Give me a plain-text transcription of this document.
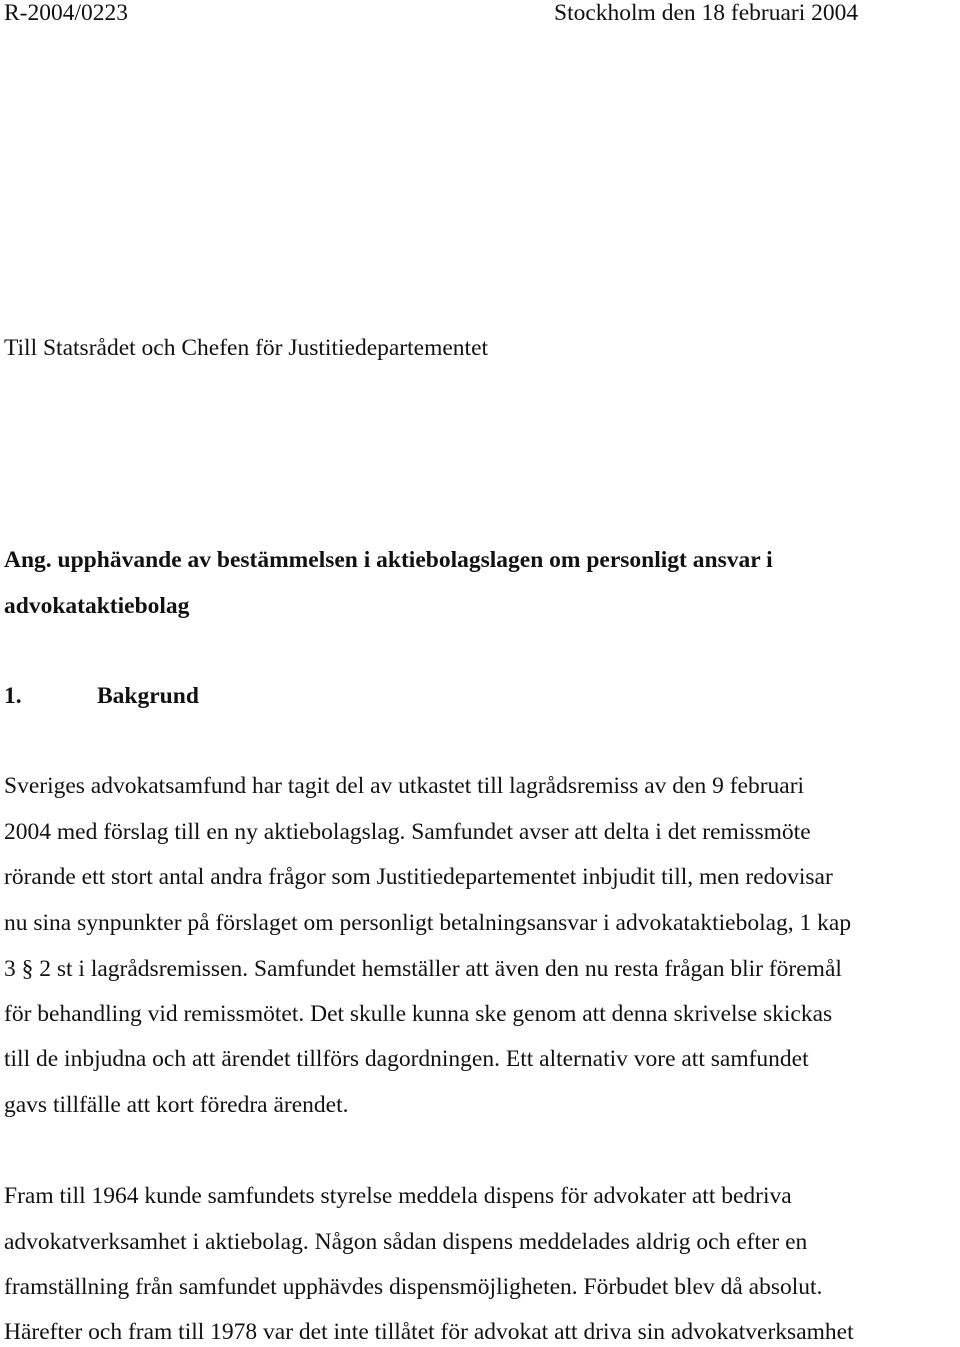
R-2004/0223	Stockholm den 18 februari 2004
Till Statsrådet och Chefen för Justitiedepartementet
Ang. upphävande av bestämmelsen i aktiebolagslagen om personligt ansvar i
advokataktiebolag
1.	Bakgrund
Sveriges advokatsamfund har tagit del av utkastet till lagrådsremiss av den 9 februari
2004 med förslag till en ny aktiebolagslag. Samfundet avser att delta i det remissmöte
rörande ett stort antal andra frågor som Justitiedepartementet inbjudit till, men redovisar
nu sina synpunkter på förslaget om personligt betalningsansvar i advokataktiebolag, 1 kap
3 § 2 st i lagrådsremissen. Samfundet hemställer att även den nu resta frågan blir föremål
för behandling vid remissmötet. Det skulle kunna ske genom att denna skrivelse skickas
till de inbjudna och att ärendet tillförs dagordningen. Ett alternativ vore att samfundet
gavs tillfälle att kort föredra ärendet.
Fram till 1964 kunde samfundets styrelse meddela dispens för advokater att bedriva
advokatverksamhet i aktiebolag. Någon sådan dispens meddelades aldrig och efter en
framställning från samfundet upphävdes dispensmöjligheten. Förbudet blev då absolut.
Härefter och fram till 1978 var det inte tillåtet för advokat att driva sin advokatverksamhet
